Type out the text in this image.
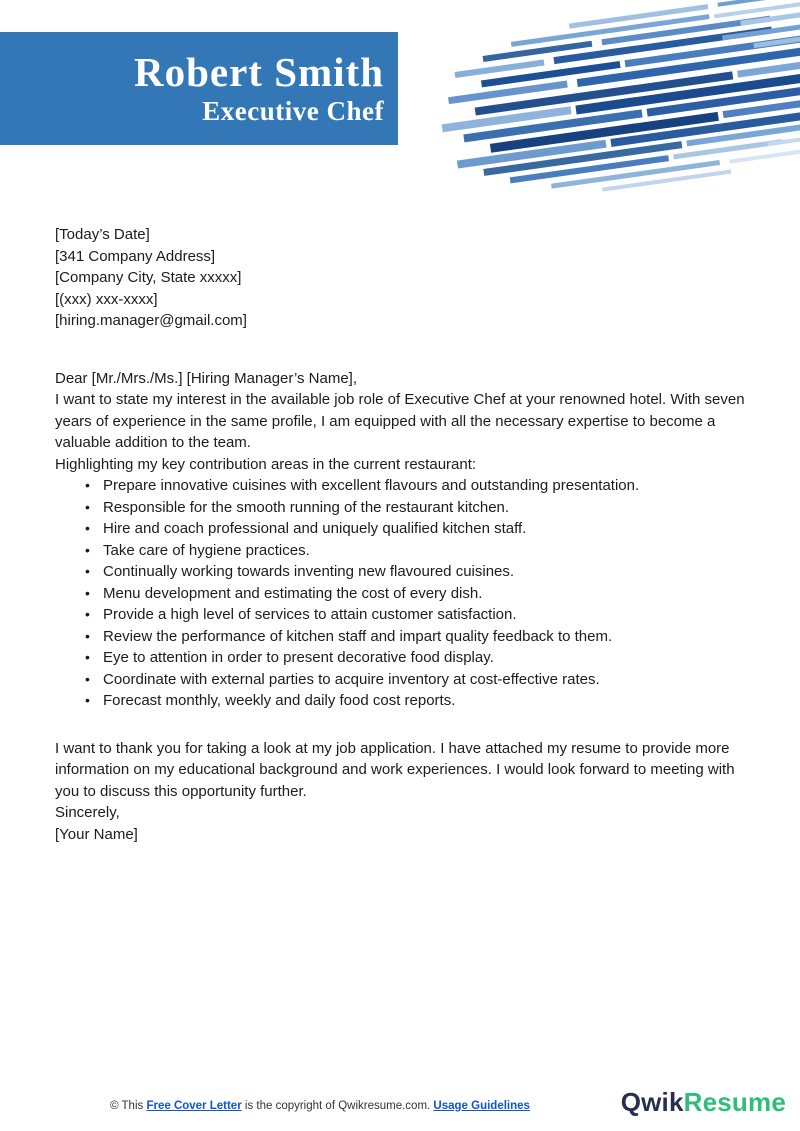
Robert Smith
Executive Chef

[Today’s Date]

[341 Company Address]

[Company City, State xxxxx]

[(xxx) xxx-xxxx]

[hiring.manager@gmail.com]

Dear [Mr./Mrs./Ms.] [Hiring Manager’s Name],

I want to state my interest in the available job role of Executive Chef at your renowned hotel. With seven years of experience in the same profile, I am equipped with all the necessary expertise to become a valuable addition to the team.

Highlighting my key contribution areas in the current restaurant:

• Prepare innovative cuisines with excellent flavours and outstanding presentation.
• Responsible for the smooth running of the restaurant kitchen.
• Hire and coach professional and uniquely qualified kitchen staff.
• Take care of hygiene practices.
• Continually working towards inventing new flavoured cuisines.
• Menu development and estimating the cost of every dish.
• Provide a high level of services to attain customer satisfaction.
• Review the performance of kitchen staff and impart quality feedback to them.
• Eye to attention in order to present decorative food display.
• Coordinate with external parties to acquire inventory at cost-effective rates.
• Forecast monthly, weekly and daily food cost reports.

I want to thank you for taking a look at my job application. I have attached my resume to provide more information on my educational background and work experiences. I would look forward to meeting with you to discuss this opportunity further.

Sincerely,

[Your Name]

© This Free Cover Letter is the copyright of Qwikresume.com. Usage Guidelines	QwikResume
